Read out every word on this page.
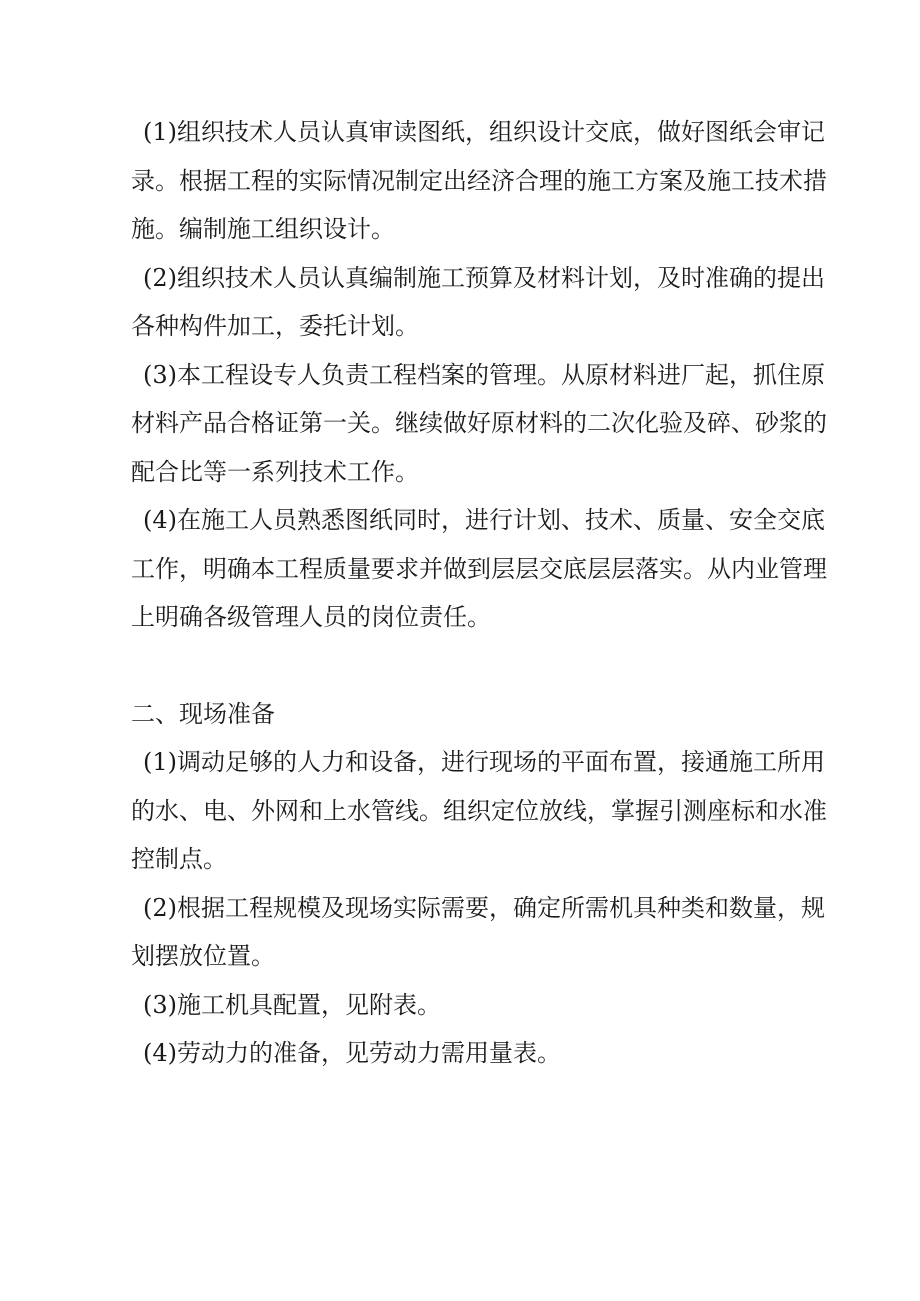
(1)组织技术人员认真审读图纸，组织设计交底，做好图纸会审记录。根据工程的实际情况制定出经济合理的施工方案及施工技术措施。编制施工组织设计。

(2)组织技术人员认真编制施工预算及材料计划，及时准确的提出各种构件加工，委托计划。

(3)本工程设专人负责工程档案的管理。从原材料进厂起，抓住原材料产品合格证第一关。继续做好原材料的二次化验及碎、砂浆的配合比等一系列技术工作。

(4)在施工人员熟悉图纸同时，进行计划、技术、质量、安全交底工作，明确本工程质量要求并做到层层交底层层落实。从内业管理上明确各级管理人员的岗位责任。

二、现场准备

(1)调动足够的人力和设备，进行现场的平面布置，接通施工所用的水、电、外网和上水管线。组织定位放线，掌握引测座标和水准控制点。

(2)根据工程规模及现场实际需要，确定所需机具种类和数量，规划摆放位置。

(3)施工机具配置，见附表。

(4)劳动力的准备，见劳动力需用量表。
